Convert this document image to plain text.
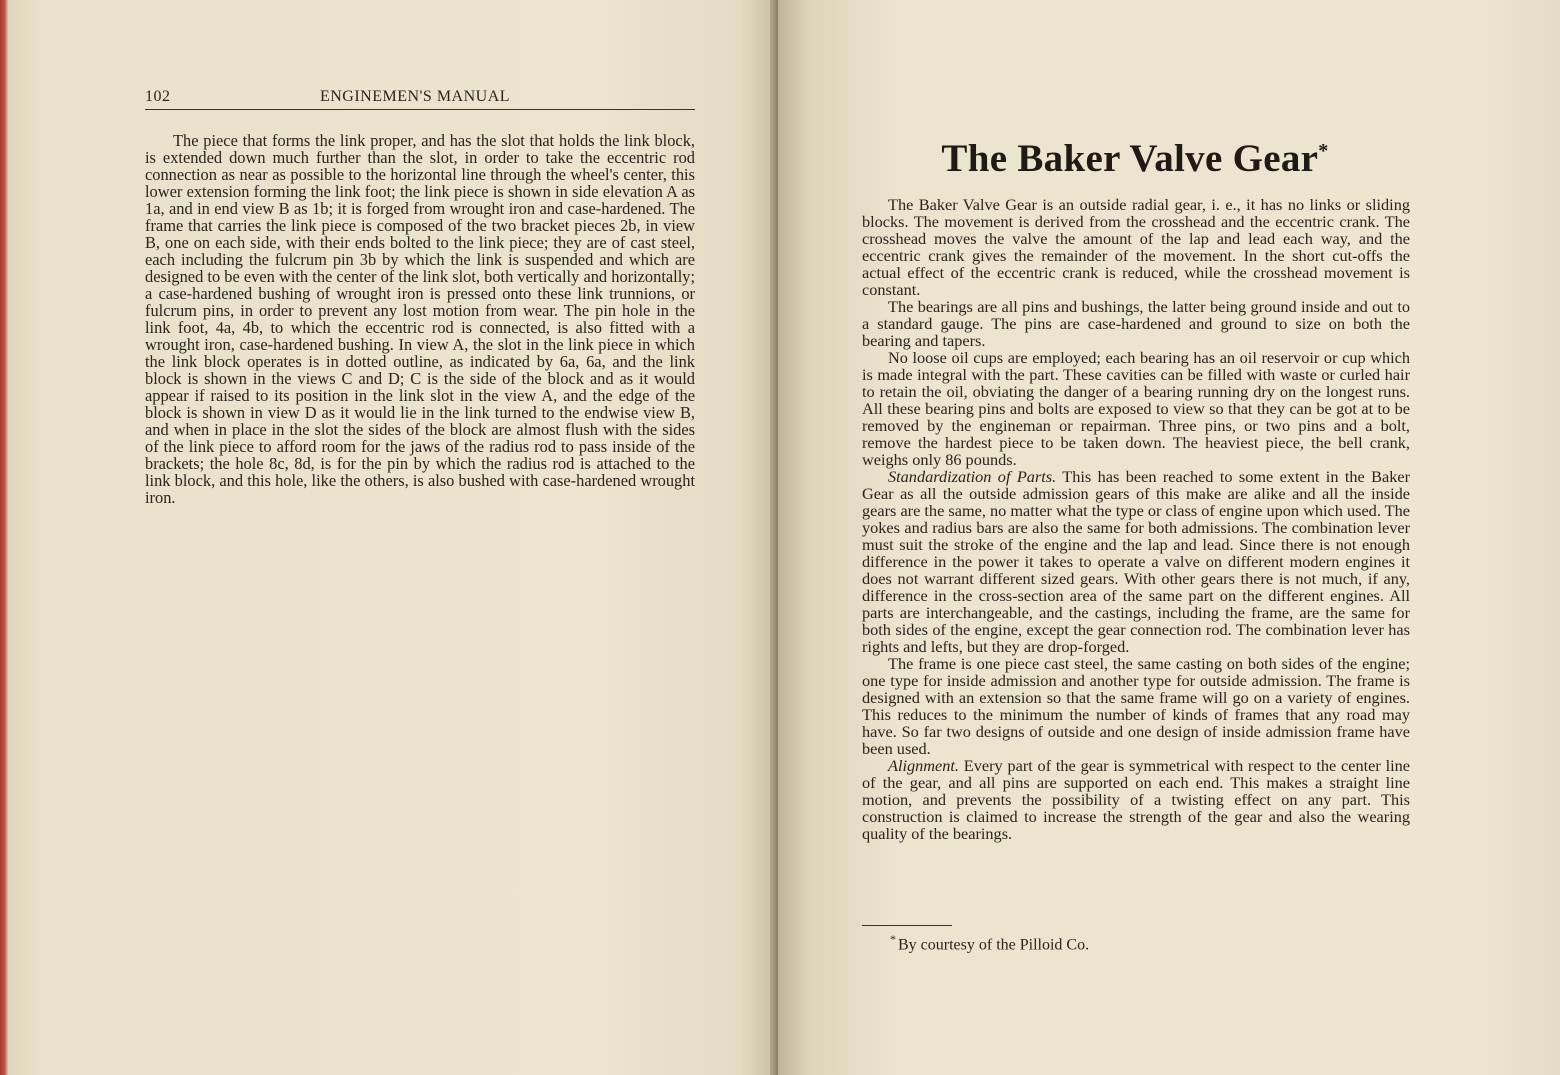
102	ENGINEMEN'S MANUAL

The piece that forms the link proper, and has the slot that holds the link block, is extended down much further than the slot, in order to take the eccentric rod connection as near as possible to the horizontal line through the wheel's center, this lower extension forming the link foot; the link piece is shown in side elevation A as 1a, and in end view B as 1b; it is forged from wrought iron and case-hardened. The frame that carries the link piece is composed of the two bracket pieces 2b, in view B, one on each side, with their ends bolted to the link piece; they are of cast steel, each including the fulcrum pin 3b by which the link is suspended and which are designed to be even with the center of the link slot, both vertically and horizontally; a case-hardened bushing of wrought iron is pressed onto these link trunnions, or fulcrum pins, in order to prevent any lost motion from wear. The pin hole in the link foot, 4a, 4b, to which the eccentric rod is connected, is also fitted with a wrought iron, case-hardened bushing. In view A, the slot in the link piece in which the link block operates is in dotted outline, as indicated by 6a, 6a, and the link block is shown in the views C and D; C is the side of the block and as it would appear if raised to its position in the link slot in the view A, and the edge of the block is shown in view D as it would lie in the link turned to the endwise view B, and when in place in the slot the sides of the block are almost flush with the sides of the link piece to afford room for the jaws of the radius rod to pass inside of the brackets; the hole 8c, 8d, is for the pin by which the radius rod is attached to the link block, and this hole, like the others, is also bushed with case-hardened wrought iron.

The Baker Valve Gear*

The Baker Valve Gear is an outside radial gear, i. e., it has no links or sliding blocks. The movement is derived from the crosshead and the eccentric crank. The crosshead moves the valve the amount of the lap and lead each way, and the eccentric crank gives the remainder of the movement. In the short cut-offs the actual effect of the eccentric crank is reduced, while the crosshead movement is constant.

The bearings are all pins and bushings, the latter being ground inside and out to a standard gauge. The pins are case-hardened and ground to size on both the bearing and tapers.

No loose oil cups are employed; each bearing has an oil reservoir or cup which is made integral with the part. These cavities can be filled with waste or curled hair to retain the oil, obviating the danger of a bearing running dry on the longest runs. All these bearing pins and bolts are exposed to view so that they can be got at to be removed by the engineman or repairman. Three pins, or two pins and a bolt, remove the hardest piece to be taken down. The heaviest piece, the bell crank, weighs only 86 pounds.

Standardization of Parts. This has been reached to some extent in the Baker Gear as all the outside admission gears of this make are alike and all the inside gears are the same, no matter what the type or class of engine upon which used. The yokes and radius bars are also the same for both admissions. The combination lever must suit the stroke of the engine and the lap and lead. Since there is not enough difference in the power it takes to operate a valve on different modern engines it does not warrant different sized gears. With other gears there is not much, if any, difference in the cross-section area of the same part on the different engines. All parts are interchangeable, and the castings, including the frame, are the same for both sides of the engine, except the gear connection rod. The combination lever has rights and lefts, but they are drop-forged.

The frame is one piece cast steel, the same casting on both sides of the engine; one type for inside admission and another type for outside admission. The frame is designed with an extension so that the same frame will go on a variety of engines. This reduces to the minimum the number of kinds of frames that any road may have. So far two designs of outside and one design of inside admission frame have been used.

Alignment. Every part of the gear is symmetrical with respect to the center line of the gear, and all pins are supported on each end. This makes a straight line motion, and prevents the possibility of a twisting effect on any part. This construction is claimed to increase the strength of the gear and also the wearing quality of the bearings.

* By courtesy of the Pilloid Co.
